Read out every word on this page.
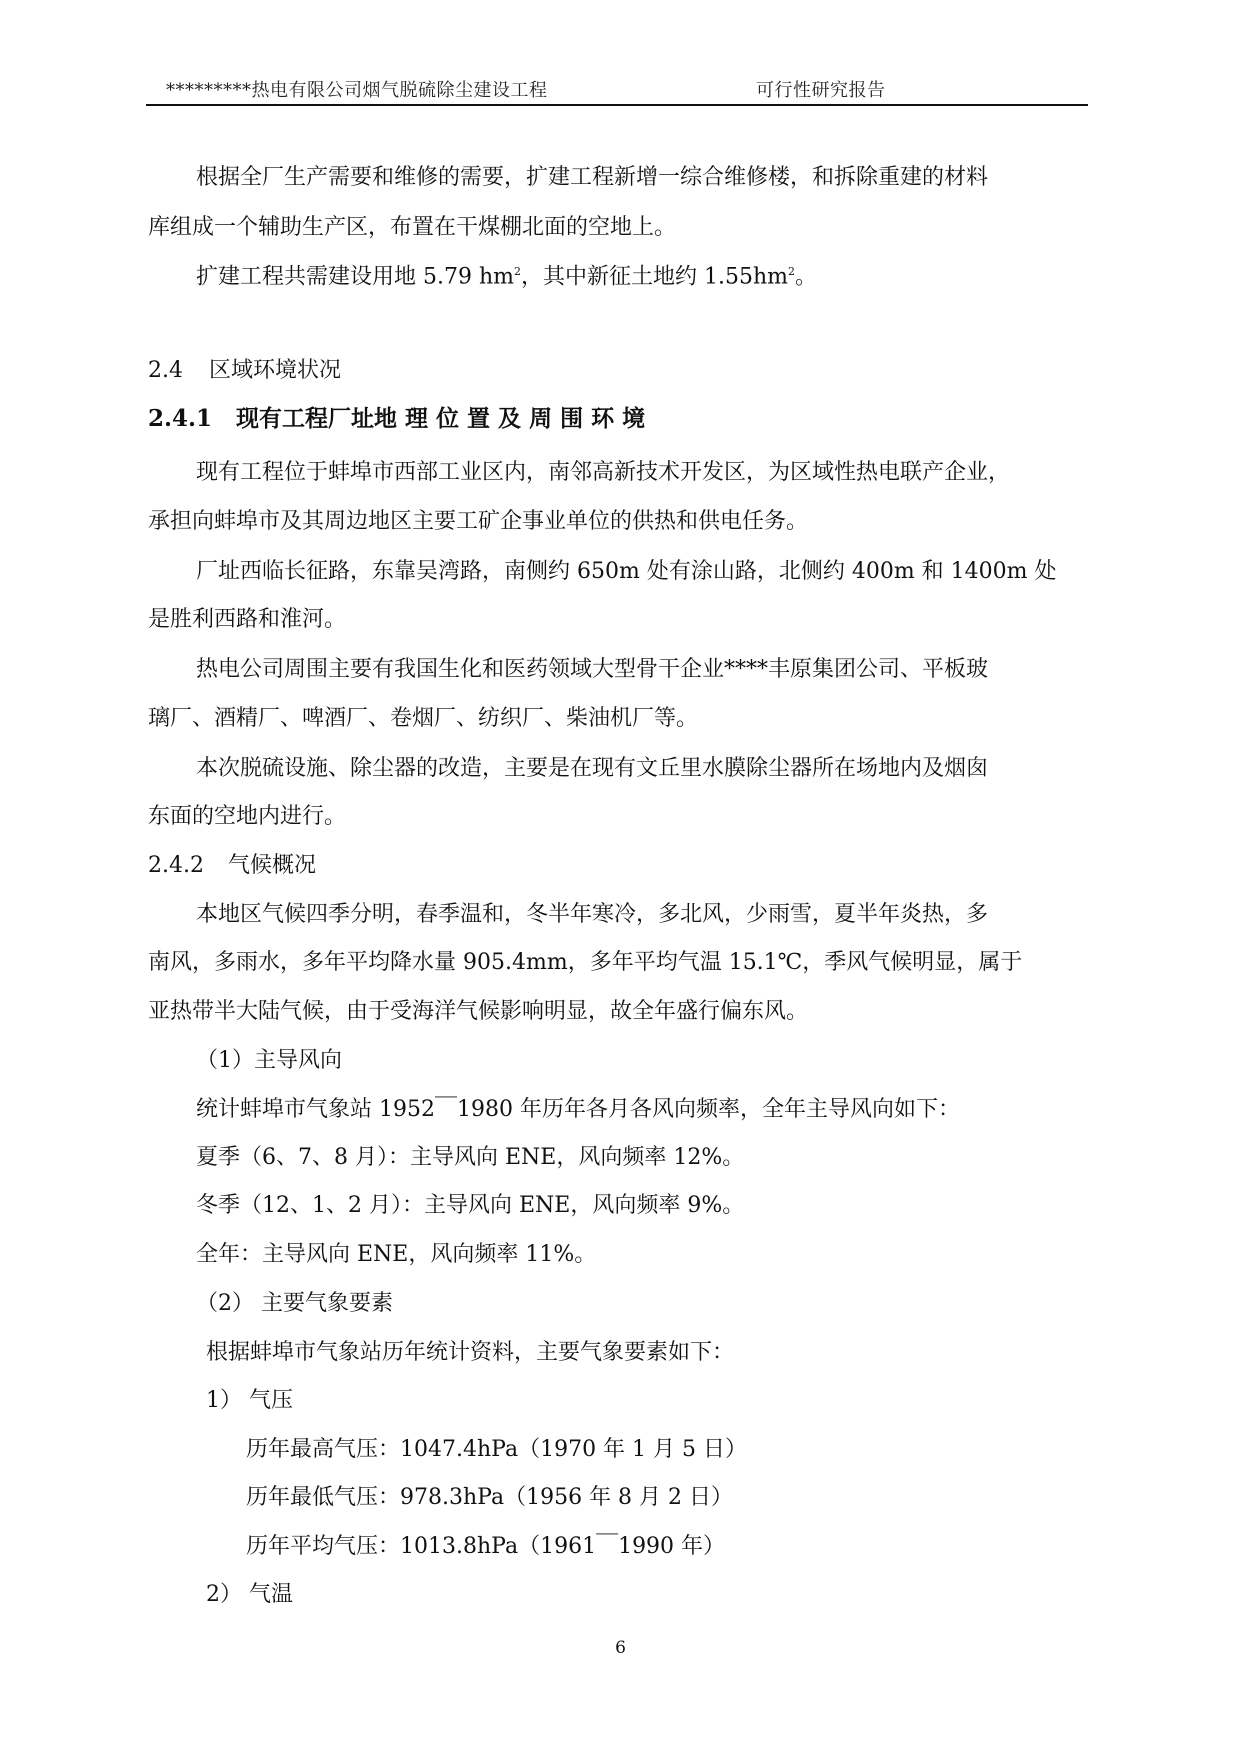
*********热电有限公司烟气脱硫除尘建设工程	可行性研究报告
根据全厂生产需要和维修的需要，扩建工程新增一综合维修楼，和拆除重建的材料
库组成一个辅助生产区，布置在干煤棚北面的空地上。
扩建工程共需建设用地 5.79 $hm^2$，其中新征土地约 $1.55hm^2$。
2.4 区域环境状况
2.4.1 现有工程厂址地 理 位 置 及 周 围 环 境
现有工程位于蚌埠市西部工业区内，南邻高新技术开发区，为区域性热电联产企业，
承担向蚌埠市及其周边地区主要工矿企事业单位的供热和供电任务。
厂址西临长征路，东靠吴湾路，南侧约 650m 处有涂山路，北侧约 400m 和 1400m 处
是胜利西路和淮河。
热电公司周围主要有我国生化和医药领域大型骨干企业****丰原集团公司、平板玻
璃厂、酒精厂、啤酒厂、卷烟厂、纺织厂、柴油机厂等。
本次脱硫设施、除尘器的改造，主要是在现有文丘里水膜除尘器所在场地内及烟囱
东面的空地内进行。
2.4.2 气候概况
本地区气候四季分明，春季温和，冬半年寒冷，多北风，少雨雪，夏半年炎热，多
南风，多雨水，多年平均降水量 905.4mm，多年平均气温 15.1℃，季风气候明显，属于
亚热带半大陆气候，由于受海洋气候影响明显，故全年盛行偏东风。
（1）主导风向
统计蚌埠市气象站 1952￣1980 年历年各月各风向频率，全年主导风向如下：
夏季（6、7、8 月）：主导风向 ENE，风向频率 12%。
冬季（12、1、2 月）：主导风向 ENE，风向频率 9%。
全年：主导风向 ENE，风向频率 11%。
（2） 主要气象要素
根据蚌埠市气象站历年统计资料，主要气象要素如下：
1） 气压
历年最高气压：1047.4hPa（1970 年 1 月 5 日）
历年最低气压：978.3hPa（1956 年 8 月 2 日）
历年平均气压：1013.8hPa（1961￣1990 年）
2） 气温
6
